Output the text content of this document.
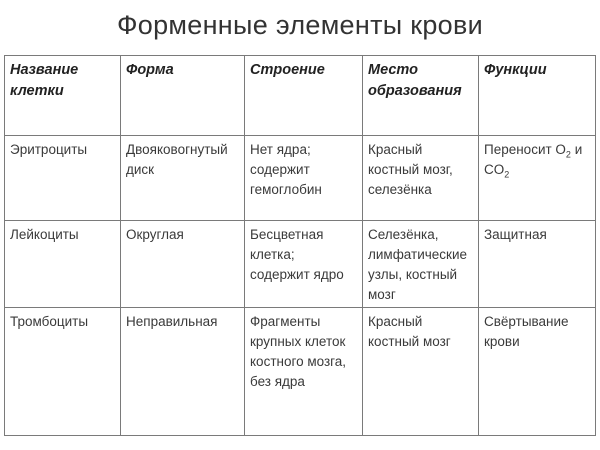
Форменные элементы крови
Название клетки	Форма	Строение	Место образования	Функции
Эритроциты	Двояковогнутый диск	Нет ядра; содержит гемоглобин	Красный костный мозг, селезёнка	Переносит $O_2$ и $CO_2$
Лейкоциты	Округлая	Бесцветная клетка; содержит ядро	Селезёнка, лимфатические узлы, костный мозг	Защитная
Тромбоциты	Неправильная	Фрагменты крупных клеток костного мозга, без ядра	Красный костный мозг	Свёртывание крови
